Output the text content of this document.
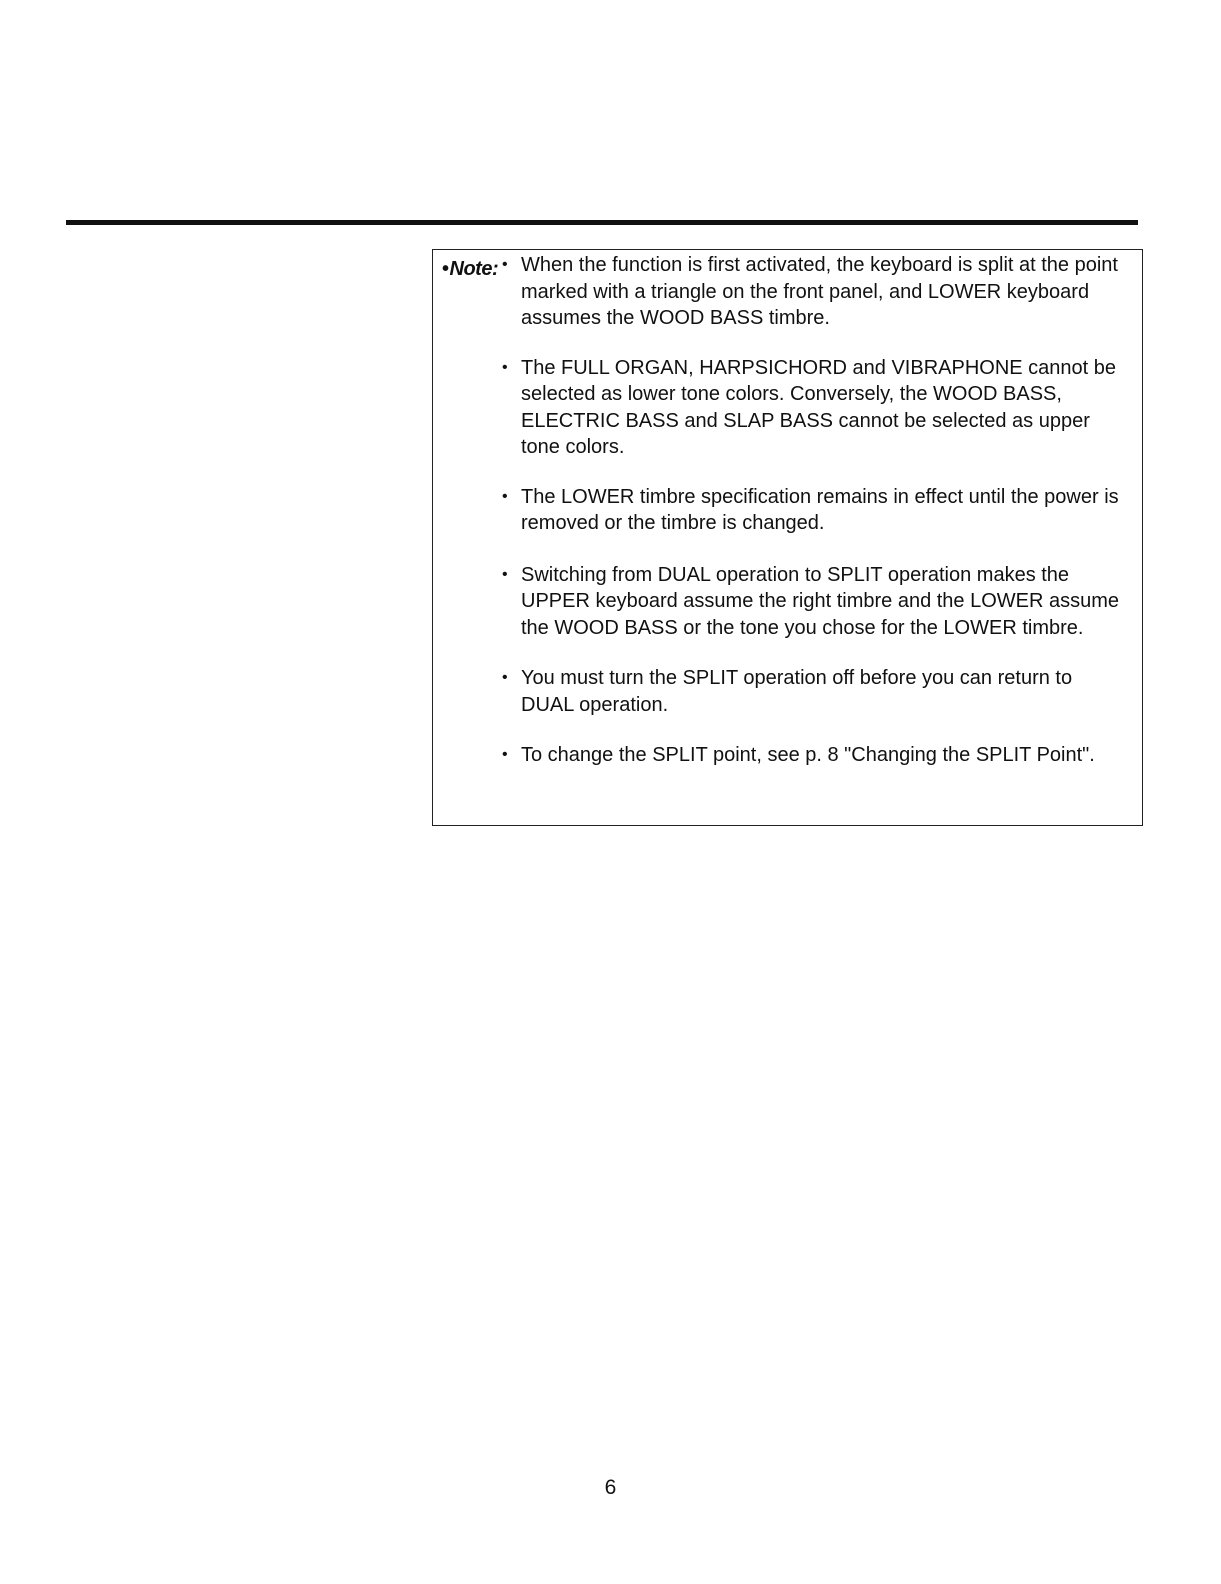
•Note: • When the function is first activated, the keyboard is split at the point marked with a triangle on the front panel, and LOWER keyboard assumes the WOOD BASS timbre.
• The FULL ORGAN, HARPSICHORD and VIBRAPHONE cannot be selected as lower tone colors. Conversely, the WOOD BASS, ELECTRIC BASS and SLAP BASS cannot be selected as upper tone colors.
• The LOWER timbre specification remains in effect until the power is removed or the timbre is changed.
• Switching from DUAL operation to SPLIT operation makes the UPPER keyboard assume the right timbre and the LOWER assume the WOOD BASS or the tone you chose for the LOWER timbre.
• You must turn the SPLIT operation off before you can return to DUAL operation.
• To change the SPLIT point, see p. 8 "Changing the SPLIT Point".
6
